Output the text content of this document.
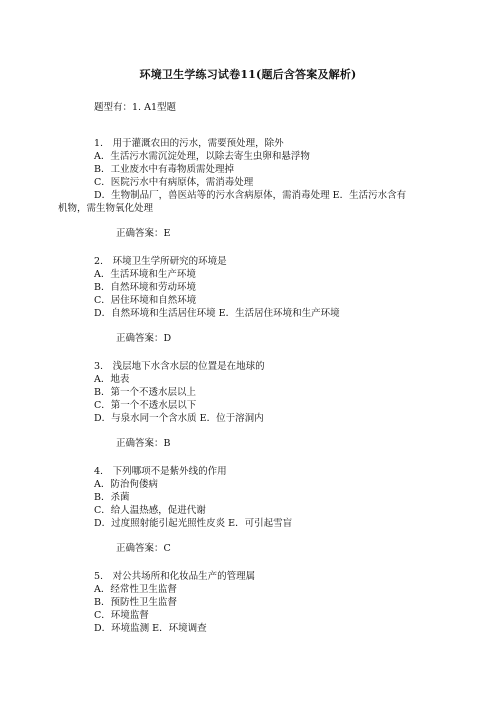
环境卫生学练习试卷11(题后含答案及解析)
题型有：1. A1型题
1.　用于灌溉农田的污水，需要预处理，除外
A．生活污水需沉淀处理，以除去寄生虫卵和悬浮物
B．工业废水中有毒物质需处理掉
C．医院污水中有病原体，需消毒处理
D．生物制品厂，兽医站等的污水含病原体，需消毒处理 E．生活污水含有
机物，需生物氧化处理
正确答案：E
2.　环境卫生学所研究的环境是
A．生活环境和生产环境
B．自然环境和劳动环境
C．居住环境和自然环境
D．自然环境和生活居住环境 E．生活居住环境和生产环境
正确答案：D
3.　浅层地下水含水层的位置是在地球的
A．地表
B．第一个不透水层以上
C．第一个不透水层以下
D．与泉水同一个含水质 E．位于溶洞内
正确答案：B
4.　下列哪项不是紫外线的作用
A．防治佝偻病
B．杀菌
C．给人温热感，促进代谢
D．过度照射能引起光照性皮炎 E．可引起雪盲
正确答案：C
5.　对公共场所和化妆品生产的管理属
A．经常性卫生监督
B．预防性卫生监督
C．环境监督
D．环境监测 E．环境调查
